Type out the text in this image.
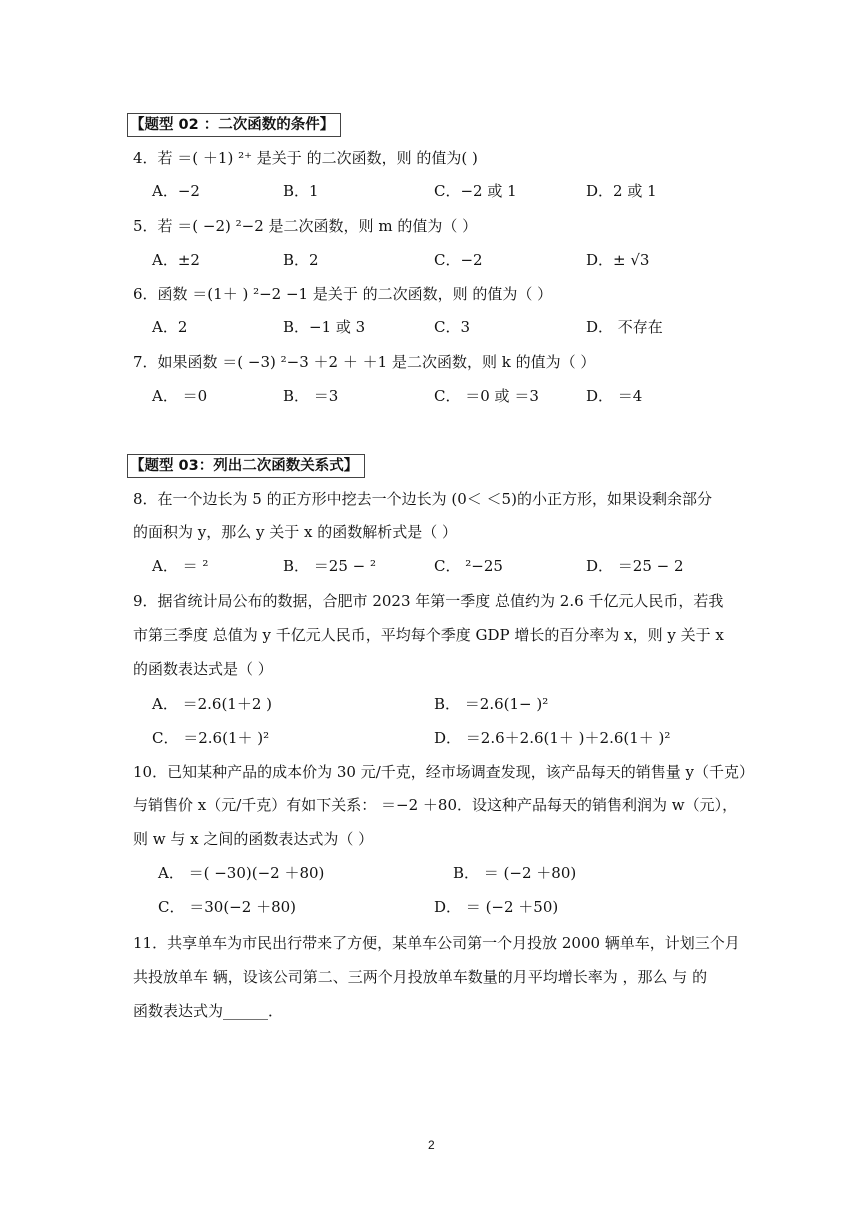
【题型 02 ：二次函数的条件】
4．若 ＝( ＋1) ²⁺ 是关于 的二次函数，则 的值为( )
A．−2	B．1	C．−2 或 1	D．2 或 1
5．若 ＝( −2) ²−2 是二次函数，则 m 的值为（ ）
A．±2	B．2	C．−2	D．± √3
6．函数 ＝(1＋ ) ²−2 −1 是关于 的二次函数，则 的值为（ ）
A．2	B．−1 或 3	C．3	D． 不存在
7．如果函数 ＝( −3) ²−3 ＋2 ＋ ＋1 是二次函数，则 k 的值为（ ）
A． ＝0	B． ＝3	C． ＝0 或 ＝3	D． ＝4
【题型 03：列出二次函数关系式】
8．在一个边长为 5 的正方形中挖去一个边长为 (0＜ ＜5)的小正方形，如果设剩余部分
的面积为 y，那么 y 关于 x 的函数解析式是（ ）
A． ＝ ²	B． ＝25 − ²	C． ²−25	D． ＝25 − 2
9．据省统计局公布的数据，合肥市 2023 年第一季度 总值约为 2.6 千亿元人民币，若我
市第三季度 总值为 y 千亿元人民币，平均每个季度 GDP 增长的百分率为 x，则 y 关于 x
的函数表达式是（ ）
A． ＝2.6(1＋2 )	B． ＝2.6(1− )²
C． ＝2.6(1＋ )²	D． ＝2.6＋2.6(1＋ )＋2.6(1＋ )²
10．已知某种产品的成本价为 30 元/千克，经市场调查发现，该产品每天的销售量 y（千克）
与销售价 x（元/千克）有如下关系： ＝−2 ＋80．设这种产品每天的销售利润为 w（元），
则 w 与 x 之间的函数表达式为（ ）
A． ＝( −30)(−2 ＋80)	B． ＝ (−2 ＋80)
C． ＝30(−2 ＋80)	D． ＝ (−2 ＋50)
11．共享单车为市民出行带来了方便，某单车公司第一个月投放 2000 辆单车，计划三个月
共投放单车 辆，设该公司第二、三两个月投放单车数量的月平均增长率为 ，那么 与 的
函数表达式为______．
2
